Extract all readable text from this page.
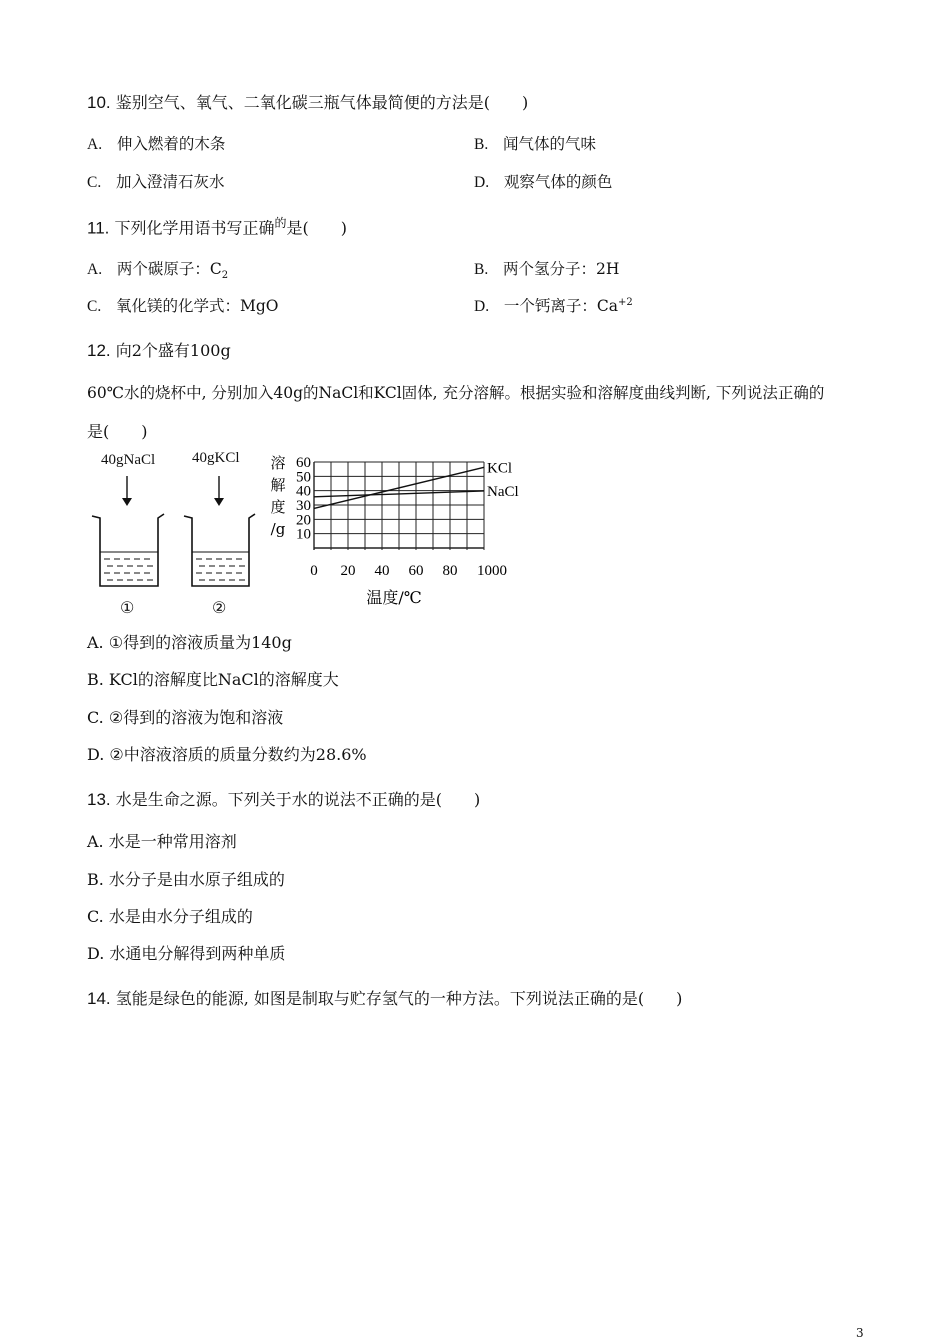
10. 鉴别空气、氧气、二氧化碳三瓶气体最简便的方法是(　　)
A. 伸入燃着的木条	B. 闻气体的气味
C. 加入澄清石灰水	D. 观察气体的颜色
11. 下列化学用语书写正确$^的$是(　　)
A. 两个碳原子：$C_2$	B. 两个氢分子：2H
C. 氧化镁的化学式：MgO	D. 一个钙离子：$Ca^{+2}$
12. 向2个盛有100g
60℃水的烧杯中, 分别加入40g的NaCl和KCl固体, 充分溶解。根据实验和溶解度曲线判断, 下列说法正确的
是(　　)
40gNaCl 40gKCl
①	②
60
50
40
30
20
10
0 20 40 60 80 1000
溶
解
度
/g
温度/℃
KCl
NaCl
A. ①得到的溶液质量为140g
B. KCl的溶解度比NaCl的溶解度大
C. ②得到的溶液为饱和溶液
D. ②中溶液溶质的质量分数约为28.6%
13. 水是生命之源。下列关于水的说法不正确的是(　　)
A. 水是一种常用溶剂
B. 水分子是由水原子组成的
C. 水是由水分子组成的
D. 水通电分解得到两种单质
14. 氢能是绿色的能源, 如图是制取与贮存氢气的一种方法。下列说法正确的是(　　)
3
